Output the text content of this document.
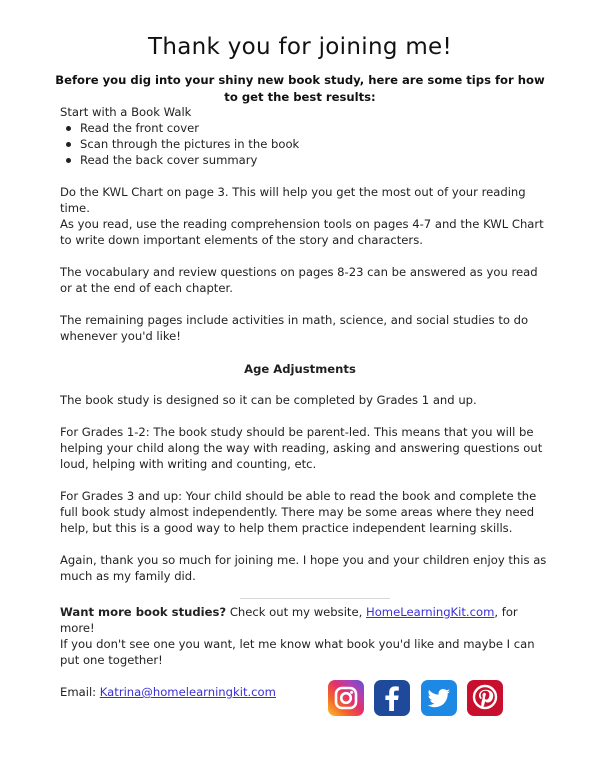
Thank you for joining me!

Before you dig into your shiny new book study, here are some tips for how to get the best results:

Start with a Book Walk

Read the front cover
Scan through the pictures in the book
Read the back cover summary

Do the KWL Chart on page 3. This will help you get the most out of your reading time.

As you read, use the reading comprehension tools on pages 4-7 and the KWL Chart to write down important elements of the story and characters.

The vocabulary and review questions on pages 8-23 can be answered as you read or at the end of each chapter.

The remaining pages include activities in math, science, and social studies to do whenever you'd like!

Age Adjustments

The book study is designed so it can be completed by Grades 1 and up.

For Grades 1-2: The book study should be parent-led. This means that you will be helping your child along the way with reading, asking and answering questions out loud, helping with writing and counting, etc.

For Grades 3 and up: Your child should be able to read the book and complete the full book study almost independently. There may be some areas where they need help, but this is a good way to help them practice independent learning skills.

Again, thank you so much for joining me. I hope you and your children enjoy this as much as my family did.

Want more book studies? Check out my website, HomeLearningKit.com, for more!

If you don't see one you want, let me know what book you'd like and maybe I can put one together!

Email: Katrina@homelearningkit.com
